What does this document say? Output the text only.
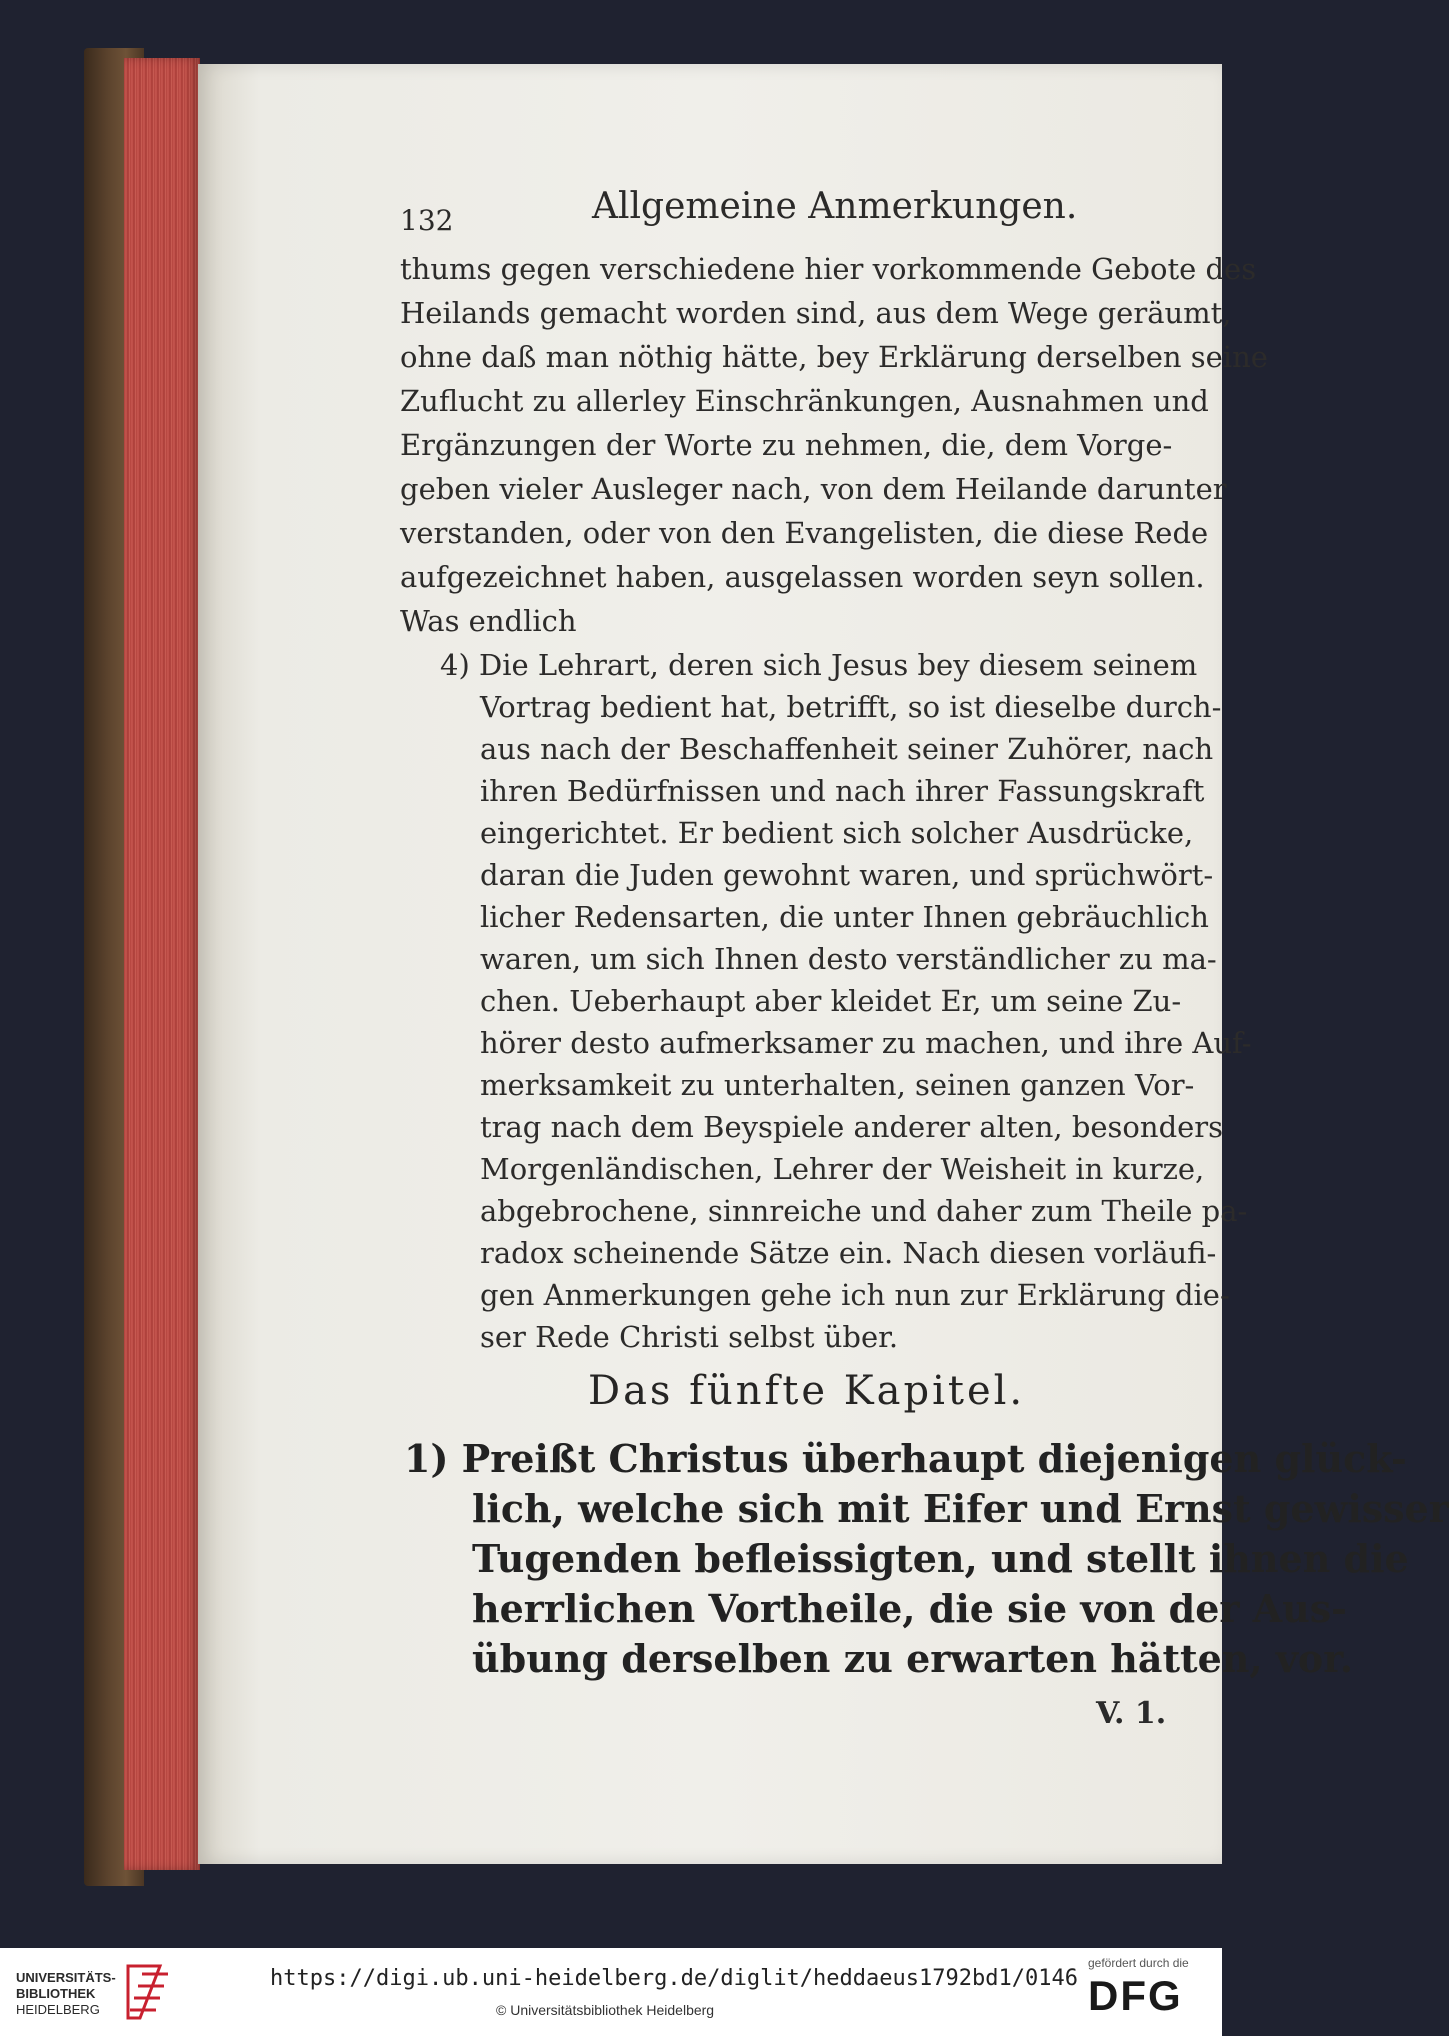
132	Allgemeine Anmerkungen.
thums gegen verschiedene hier vorkommende Gebote des
Heilands gemacht worden sind, aus dem Wege geräumt,
ohne daß man nöthig hätte, bey Erklärung derselben seine
Zuflucht zu allerley Einschränkungen, Ausnahmen und
Ergänzungen der Worte zu nehmen, die, dem Vorge-
geben vieler Ausleger nach, von dem Heilande darunter
verstanden, oder von den Evangelisten, die diese Rede
aufgezeichnet haben, ausgelassen worden seyn sollen.
Was endlich
4) Die Lehrart, deren sich Jesus bey diesem seinem
Vortrag bedient hat, betrifft, so ist dieselbe durch-
aus nach der Beschaffenheit seiner Zuhörer, nach
ihren Bedürfnissen und nach ihrer Fassungskraft
eingerichtet. Er bedient sich solcher Ausdrücke,
daran die Juden gewohnt waren, und sprüchwört-
licher Redensarten, die unter Ihnen gebräuchlich
waren, um sich Ihnen desto verständlicher zu ma-
chen. Ueberhaupt aber kleidet Er, um seine Zu-
hörer desto aufmerksamer zu machen, und ihre Auf-
merksamkeit zu unterhalten, seinen ganzen Vor-
trag nach dem Beyspiele anderer alten, besonders
Morgenländischen, Lehrer der Weisheit in kurze,
abgebrochene, sinnreiche und daher zum Theile pa-
radox scheinende Sätze ein. Nach diesen vorläufi-
gen Anmerkungen gehe ich nun zur Erklärung die-
ser Rede Christi selbst über.
Das fünfte Kapitel.
1) Preißt Christus überhaupt diejenigen glück-
lich, welche sich mit Eifer und Ernst gewisser
Tugenden befleissigten, und stellt ihnen die
herrlichen Vortheile, die sie von der Aus-
übung derselben zu erwarten hätten, vor.
V. 1.
UNIVERSITÄTS-
BIBLIOTHEK
HEIDELBERG
https://digi.ub.uni-heidelberg.de/diglit/heddaeus1792bd1/0146
© Universitätsbibliothek Heidelberg
gefördert durch die
DFG
